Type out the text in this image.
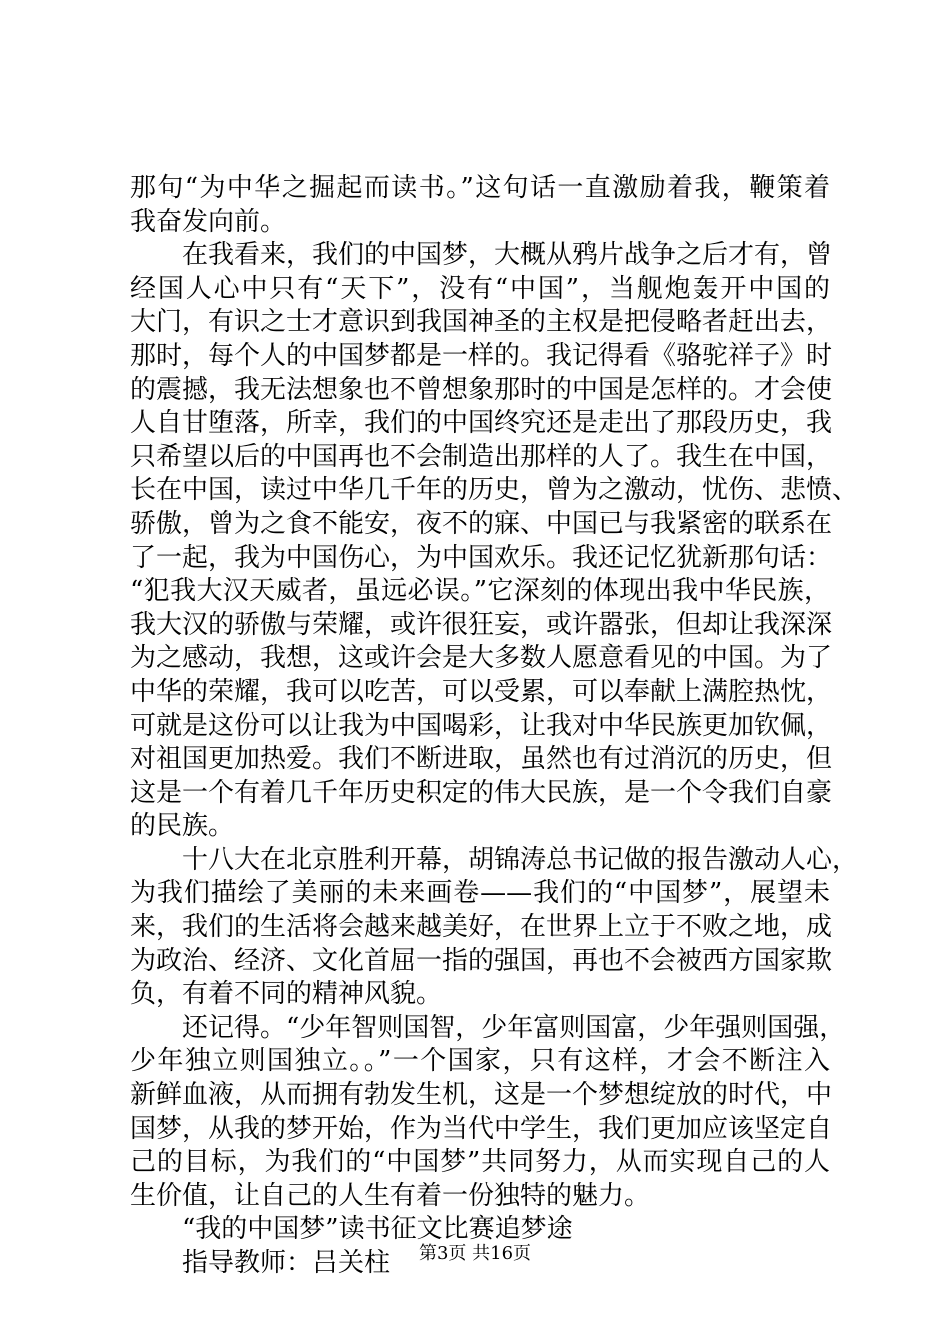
那句“为中华之掘起而读书。”这句话一直激励着我，鞭策着
我奋发向前。
　　在我看来，我们的中国梦，大概从鸦片战争之后才有，曾
经国人心中只有“天下”，没有“中国”，当舰炮轰开中国的
大门，有识之士才意识到我国神圣的主权是把侵略者赶出去，
那时，每个人的中国梦都是一样的。我记得看《骆驼祥子》时
的震撼，我无法想象也不曾想象那时的中国是怎样的。才会使
人自甘堕落，所幸，我们的中国终究还是走出了那段历史，我
只希望以后的中国再也不会制造出那样的人了。我生在中国，
长在中国，读过中华几千年的历史，曾为之激动，忧伤、悲愤、
骄傲，曾为之食不能安，夜不的寐、中国已与我紧密的联系在
了一起，我为中国伤心，为中国欢乐。我还记忆犹新那句话：
“犯我大汉天威者，虽远必误。”它深刻的体现出我中华民族，
我大汉的骄傲与荣耀，或许很狂妄，或许嚣张，但却让我深深
为之感动，我想，这或许会是大多数人愿意看见的中国。为了
中华的荣耀，我可以吃苦，可以受累，可以奉献上满腔热忱，
可就是这份可以让我为中国喝彩，让我对中华民族更加钦佩，
对祖国更加热爱。我们不断进取，虽然也有过消沉的历史，但
这是一个有着几千年历史积定的伟大民族，是一个令我们自豪
的民族。
　　十八大在北京胜利开幕，胡锦涛总书记做的报告激动人心，
为我们描绘了美丽的未来画卷——我们的“中国梦”，展望未
来，我们的生活将会越来越美好，在世界上立于不败之地，成
为政治、经济、文化首屈一指的强国，再也不会被西方国家欺
负，有着不同的精神风貌。
　　还记得。“少年智则国智，少年富则国富，少年强则国强，
少年独立则国独立。。”一个国家，只有这样，才会不断注入
新鲜血液，从而拥有勃发生机，这是一个梦想绽放的时代，中
国梦，从我的梦开始，作为当代中学生，我们更加应该坚定自
己的目标，为我们的“中国梦”共同努力，从而实现自己的人
生价值，让自己的人生有着一份独特的魅力。
　　“我的中国梦”读书征文比赛追梦途
　　指导教师：吕关柱	第3页 共16页
